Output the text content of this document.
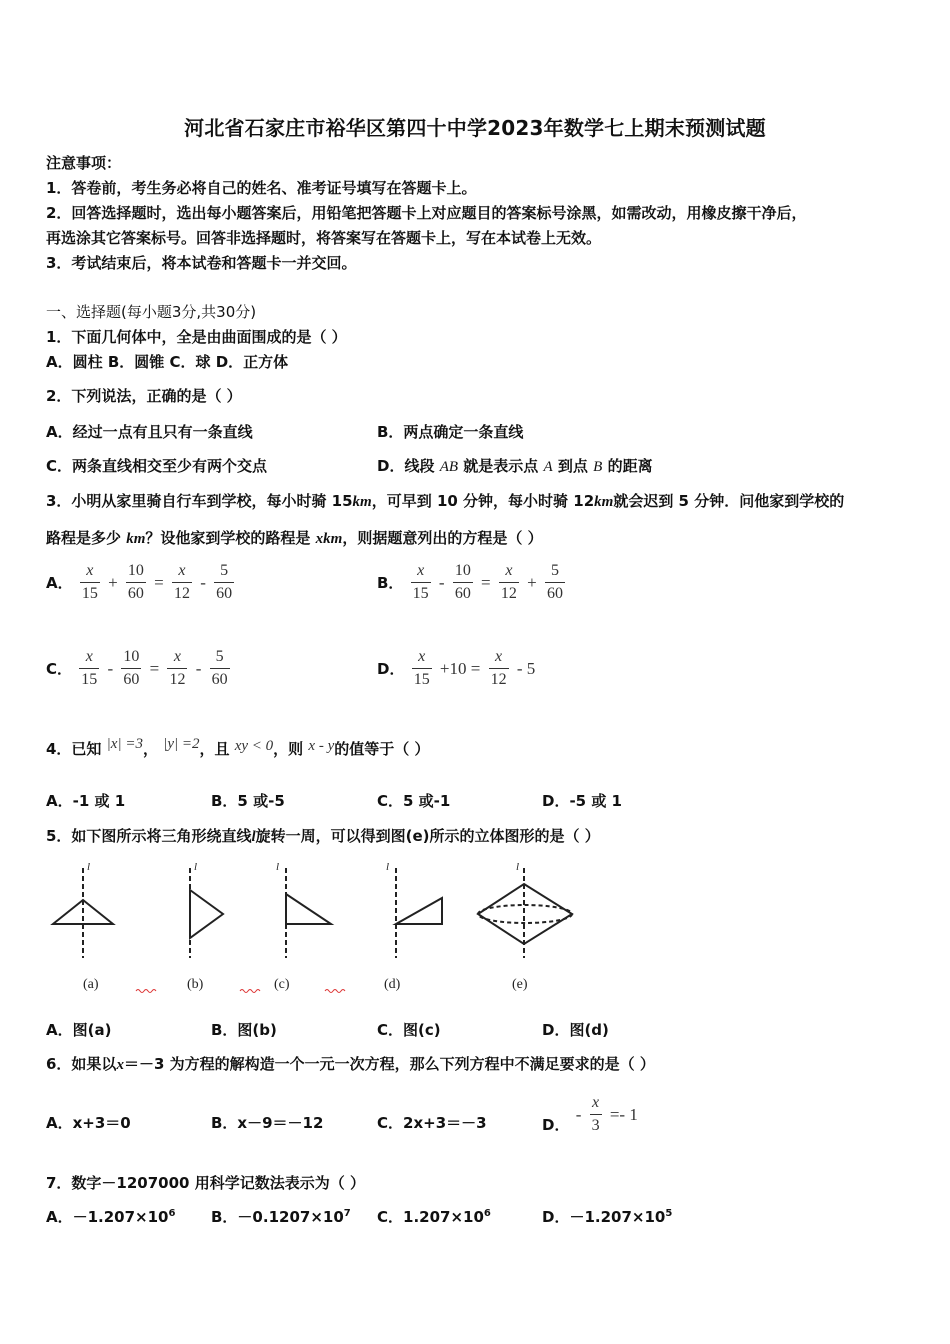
河北省石家庄市裕华区第四十中学2023年数学七上期末预测试题
注意事项：
1．答卷前，考生务必将自己的姓名、准考证号填写在答题卡上。
2．回答选择题时，选出每小题答案后，用铅笔把答题卡上对应题目的答案标号涂黑，如需改动，用橡皮擦干净后，
再选涂其它答案标号。回答非选择题时，将答案写在答题卡上，写在本试卷上无效。
3．考试结束后，将本试卷和答题卡一并交回。
一、选择题(每小题3分,共30分)
1．下面几何体中，全是由曲面围成的是（ ）
A．圆柱 B．圆锥 C．球 D．正方体
2．下列说法，正确的是（ ）
A．经过一点有且只有一条直线	B．两点确定一条直线
C．两条直线相交至少有两个交点	D．线段 AB 就是表示点 A 到点 B 的距离
3．小明从家里骑自行车到学校，每小时骑 15km，可早到 10 分钟，每小时骑 12km就会迟到 5 分钟．问他家到学校的
路程是多少 km？设他家到学校的路程是 xkm，则据题意列出的方程是（ ）
A． $\frac{x}{15} + \frac{10}{60} = \frac{x}{12} - \frac{5}{60}$	B． $\frac{x}{15} - \frac{10}{60} = \frac{x}{12} + \frac{5}{60}$
C． $\frac{x}{15} - \frac{10}{60} = \frac{x}{12} - \frac{5}{60}$	D． $\frac{x}{15} +10 = \frac{x}{12} - 5$
4．已知 |x| =3， |y| =2，且 xy < 0，则 x - y的值等于（ ）
A．-1 或 1	B．5 或-5	C．5 或-1	D．-5 或 1
5．如下图所示将三角形绕直线l旋转一周，可以得到图(e)所示的立体图形的是（ ）
l	l	l	l	l
(a)	(b)	(c)	(d)	(e)
A．图(a)	B．图(b)	C．图(c)	D．图(d)
6．如果以x＝－3 为方程的解构造一个一元一次方程，那么下列方程中不满足要求的是（ ）
A．x+3＝0	B．x－9＝－12	C．2x+3＝－3	D． - $\frac{x}{3} =- 1$
7．数字－1207000 用科学记数法表示为（ ）
A．$-1.207\times 10^6$ B．$-0.1207\times 10^7$ C．$1.207\times 10^6$	D．$-1.207\times 10^5$
